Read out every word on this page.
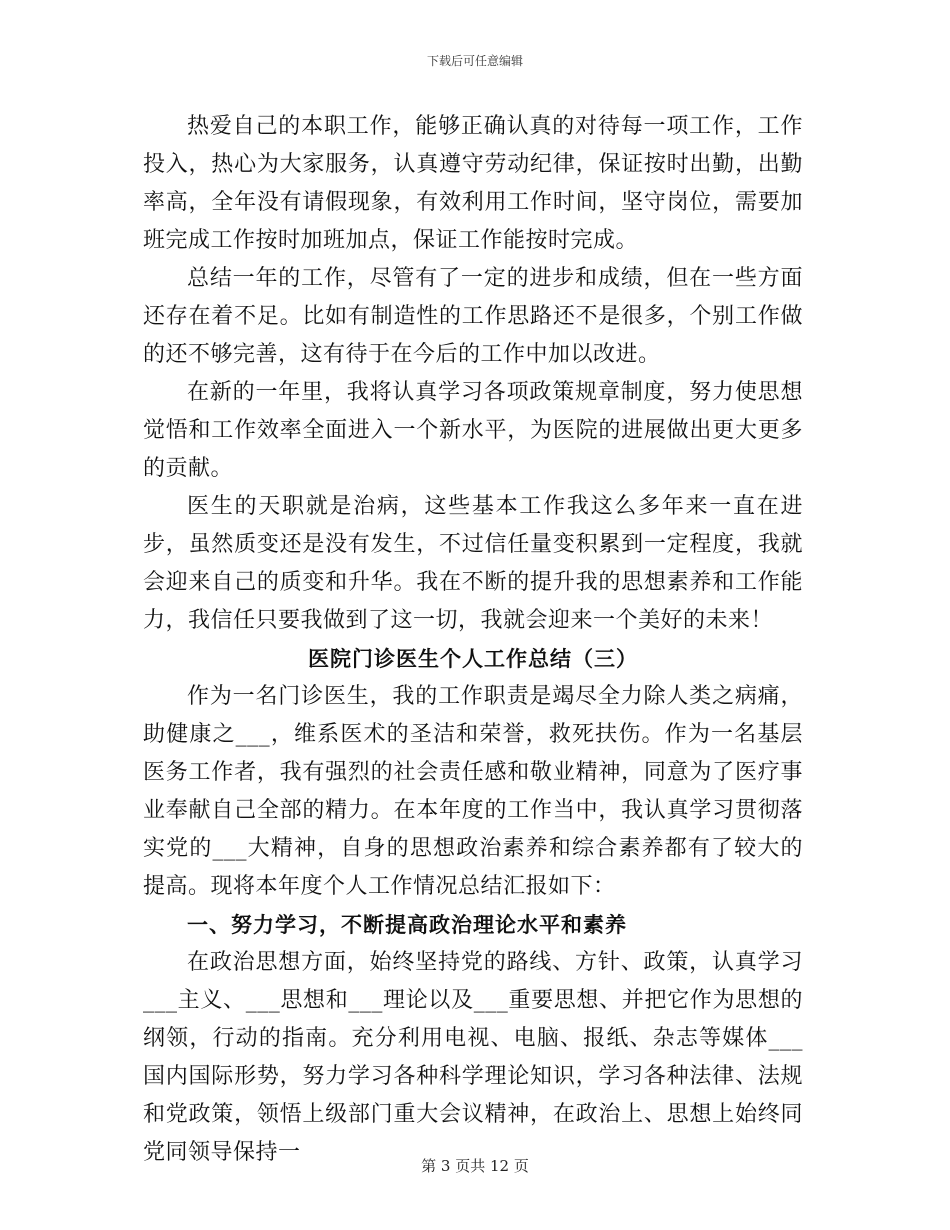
下载后可任意编辑

热爱自己的本职工作，能够正确认真的对待每一项工作，工作投入，热心为大家服务，认真遵守劳动纪律，保证按时出勤，出勤率高，全年没有请假现象，有效利用工作时间，坚守岗位，需要加班完成工作按时加班加点，保证工作能按时完成。

总结一年的工作，尽管有了一定的进步和成绩，但在一些方面还存在着不足。比如有制造性的工作思路还不是很多，个别工作做的还不够完善，这有待于在今后的工作中加以改进。

在新的一年里，我将认真学习各项政策规章制度，努力使思想觉悟和工作效率全面进入一个新水平，为医院的进展做出更大更多的贡献。

医生的天职就是治病，这些基本工作我这么多年来一直在进步，虽然质变还是没有发生，不过信任量变积累到一定程度，我就会迎来自己的质变和升华。我在不断的提升我的思想素养和工作能力，我信任只要我做到了这一切，我就会迎来一个美好的未来！

医院门诊医生个人工作总结（三）

作为一名门诊医生，我的工作职责是竭尽全力除人类之病痛，助健康之___，维系医术的圣洁和荣誉，救死扶伤。作为一名基层医务工作者，我有强烈的社会责任感和敬业精神，同意为了医疗事业奉献自己全部的精力。在本年度的工作当中，我认真学习贯彻落实党的___大精神，自身的思想政治素养和综合素养都有了较大的提高。现将本年度个人工作情况总结汇报如下：

一、努力学习，不断提高政治理论水平和素养

在政治思想方面，始终坚持党的路线、方针、政策，认真学习___主义、___思想和___理论以及___重要思想、并把它作为思想的纲领，行动的指南。充分利用电视、电脑、报纸、杂志等媒体___国内国际形势，努力学习各种科学理论知识，学习各种法律、法规和党政策，领悟上级部门重大会议精神，在政治上、思想上始终同党同领导保持一

第 3 页共 12 页
